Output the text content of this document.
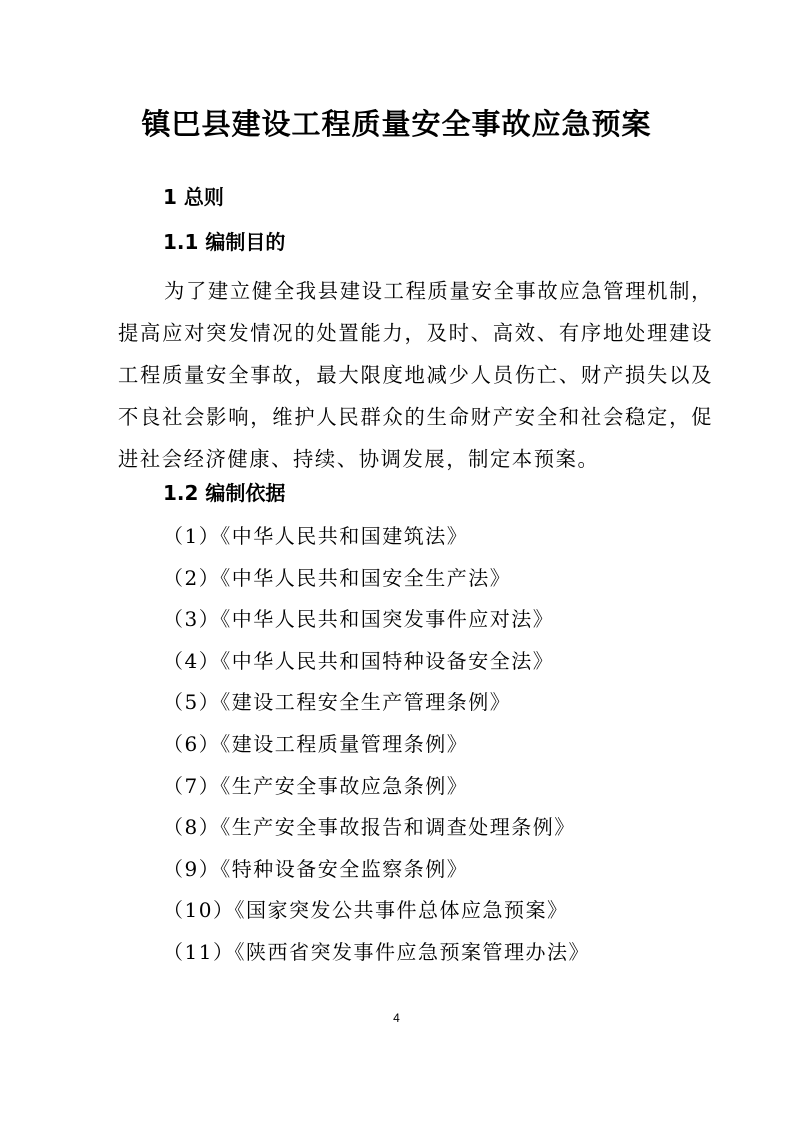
镇巴县建设工程质量安全事故应急预案
1 总则
1.1 编制目的
为了建立健全我县建设工程质量安全事故应急管理机制，提高应对突发情况的处置能力，及时、高效、有序地处理建设工程质量安全事故，最大限度地减少人员伤亡、财产损失以及不良社会影响，维护人民群众的生命财产安全和社会稳定，促进社会经济健康、持续、协调发展，制定本预案。
1.2 编制依据
（1）《中华人民共和国建筑法》
（2）《中华人民共和国安全生产法》
（3）《中华人民共和国突发事件应对法》
（4）《中华人民共和国特种设备安全法》
（5）《建设工程安全生产管理条例》
（6）《建设工程质量管理条例》
（7）《生产安全事故应急条例》
（8）《生产安全事故报告和调查处理条例》
（9）《特种设备安全监察条例》
（10）《国家突发公共事件总体应急预案》
（11）《陕西省突发事件应急预案管理办法》
4
